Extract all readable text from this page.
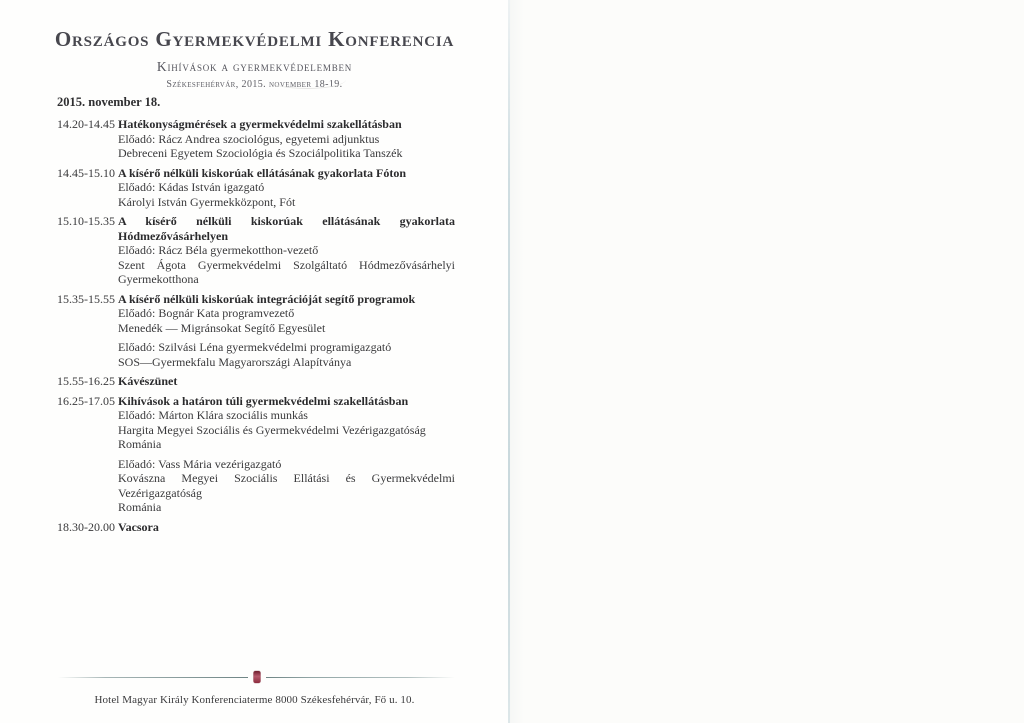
Országos Gyermekvédelmi Konferencia
Kihívások a gyermekvédelemben
Székesfehérvár, 2015. november 18-19.
2015. november 18.
14.20-14.45 Hatékonyságmérések a gyermekvédelmi szakellátásban
Előadó: Rácz Andrea szociológus, egyetemi adjunktus
Debreceni Egyetem Szociológia és Szociálpolitika Tanszék
14.45-15.10 A kísérő nélküli kiskorúak ellátásának gyakorlata Fóton
Előadó: Kádas István igazgató
Károlyi István Gyermekközpont, Fót
15.10-15.35 A kísérő nélküli kiskorúak ellátásának gyakorlata
Hódmezővásárhelyen
Előadó: Rácz Béla gyermekotthon-vezető
Szent Ágota Gyermekvédelmi Szolgáltató Hódmezővásárhelyi
Gyermekotthona
15.35-15.55 A kísérő nélküli kiskorúak integrációját segítő programok
Előadó: Bognár Kata programvezető
Menedék — Migránsokat Segítő Egyesület
Előadó: Szilvási Léna gyermekvédelmi programigazgató
SOS—Gyermekfalu Magyarországi Alapítványa
15.55-16.25 Kávészünet
16.25-17.05 Kihívások a határon túli gyermekvédelmi szakellátásban
Előadó: Márton Klára szociális munkás
Hargita Megyei Szociális és Gyermekvédelmi Vezérigazgatóság
Románia
Előadó: Vass Mária vezérigazgató
Kovászna Megyei Szociális Ellátási és Gyermekvédelmi
Vezérigazgatóság
Románia
18.30-20.00 Vacsora
Hotel Magyar Király Konferenciaterme 8000 Székesfehérvár, Fő u. 10.
